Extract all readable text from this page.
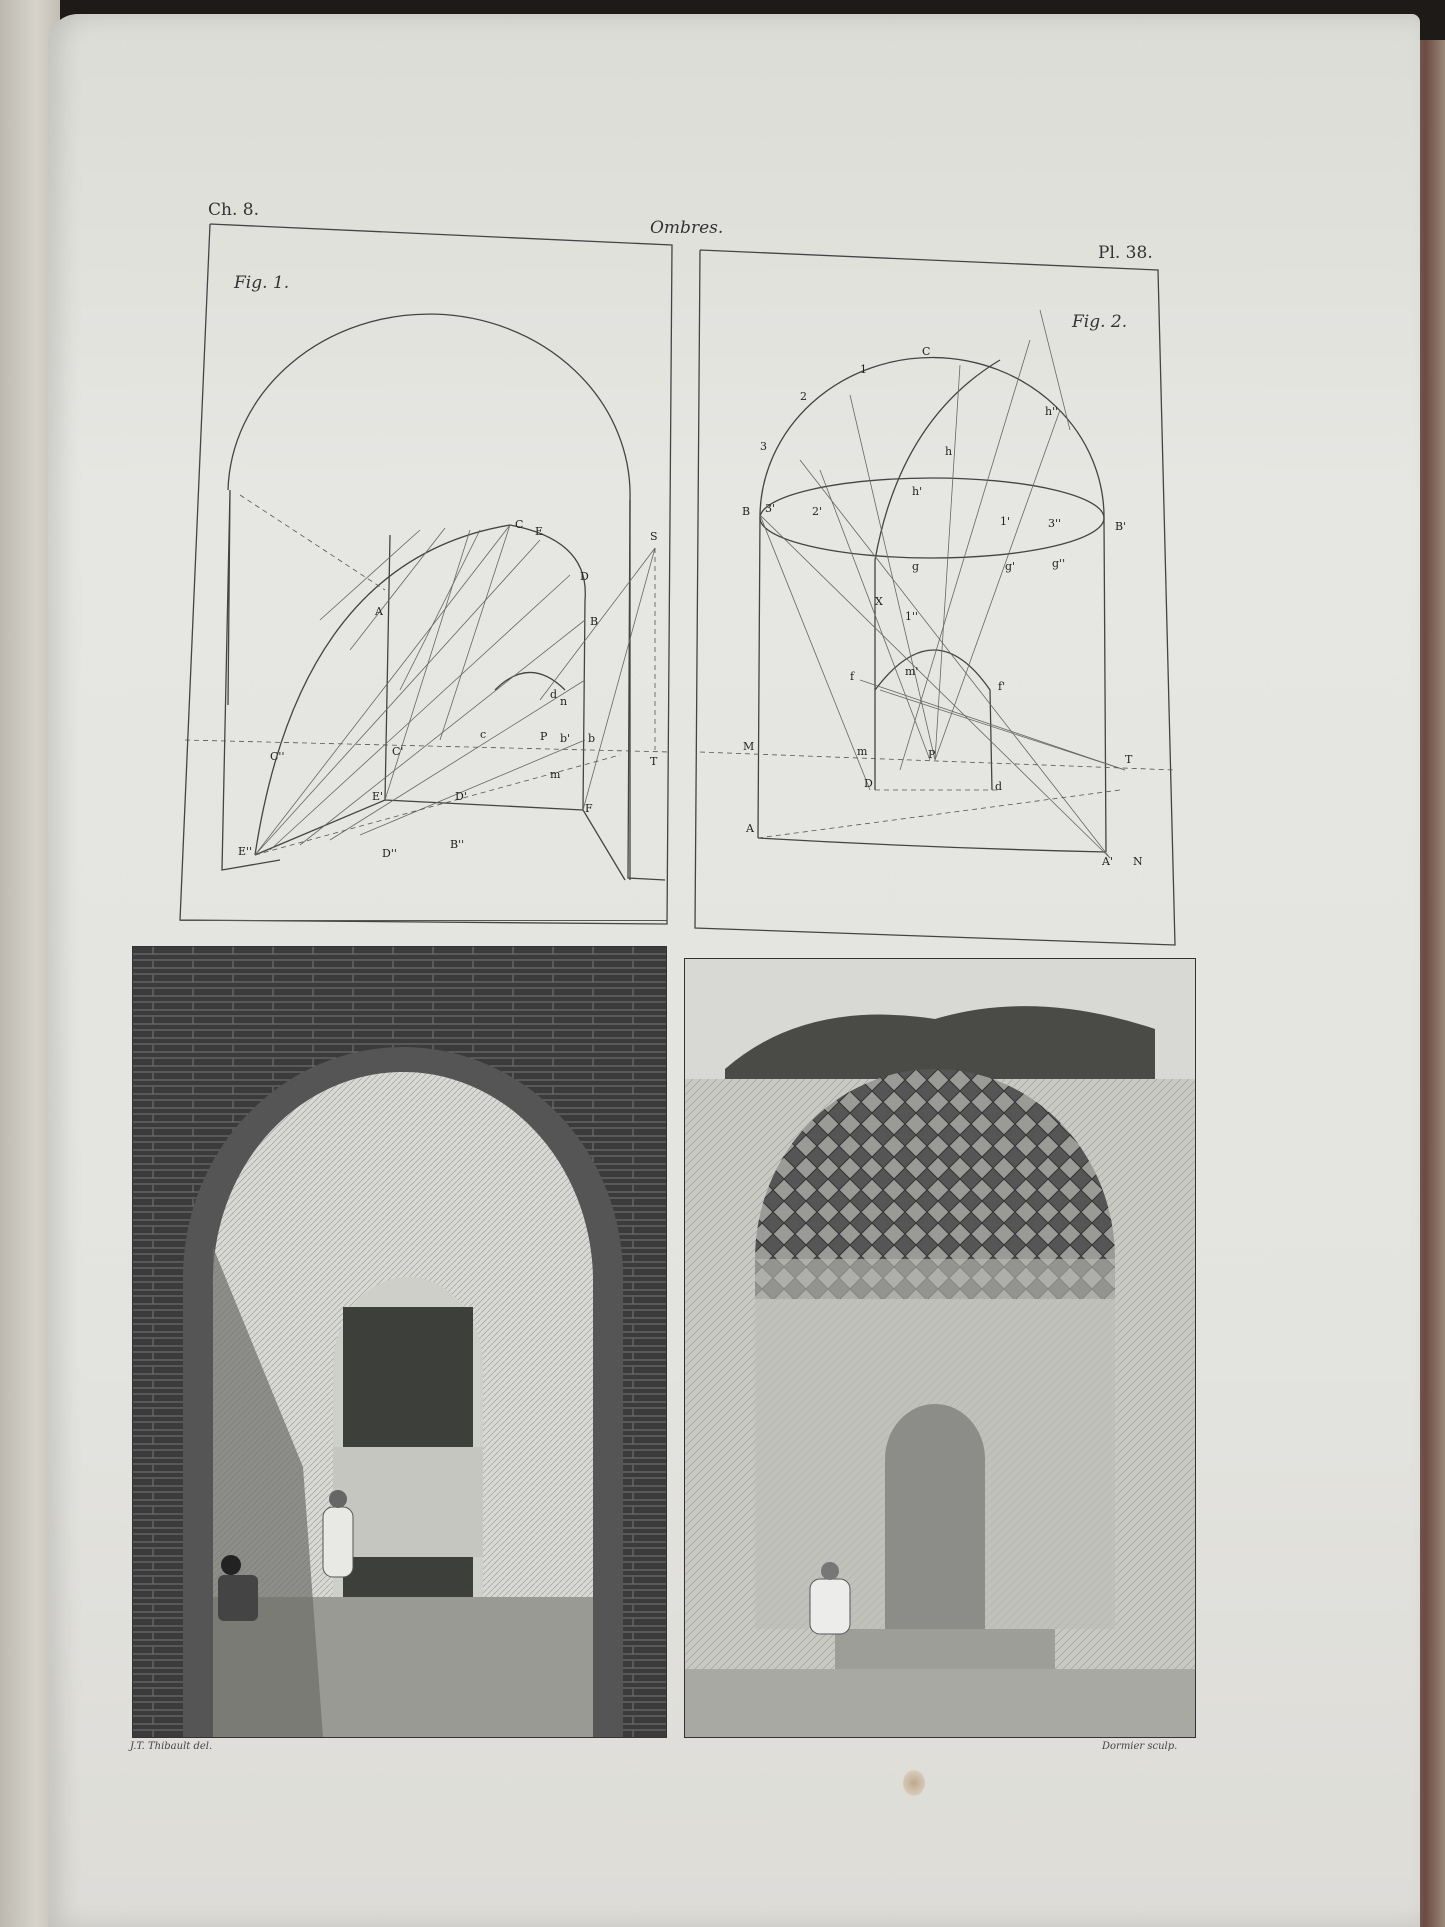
Ch. 8.
Ombres.
Pl. 38.
C
E
D
B
A
S
C'
C''
P b' b
c
d
n
m
T
E'	D'
F
E''	D''
B''
Fig. 1.
C
1
2
3
B 3'	2'
h
h'
h''
1'	3''	B'
g	g'	g''
X
1''
m'
f
f'
M	m	P	T
D	d
A
A' N
Fig. 2.
J.T. Thibault del.	Dormier sculp.
